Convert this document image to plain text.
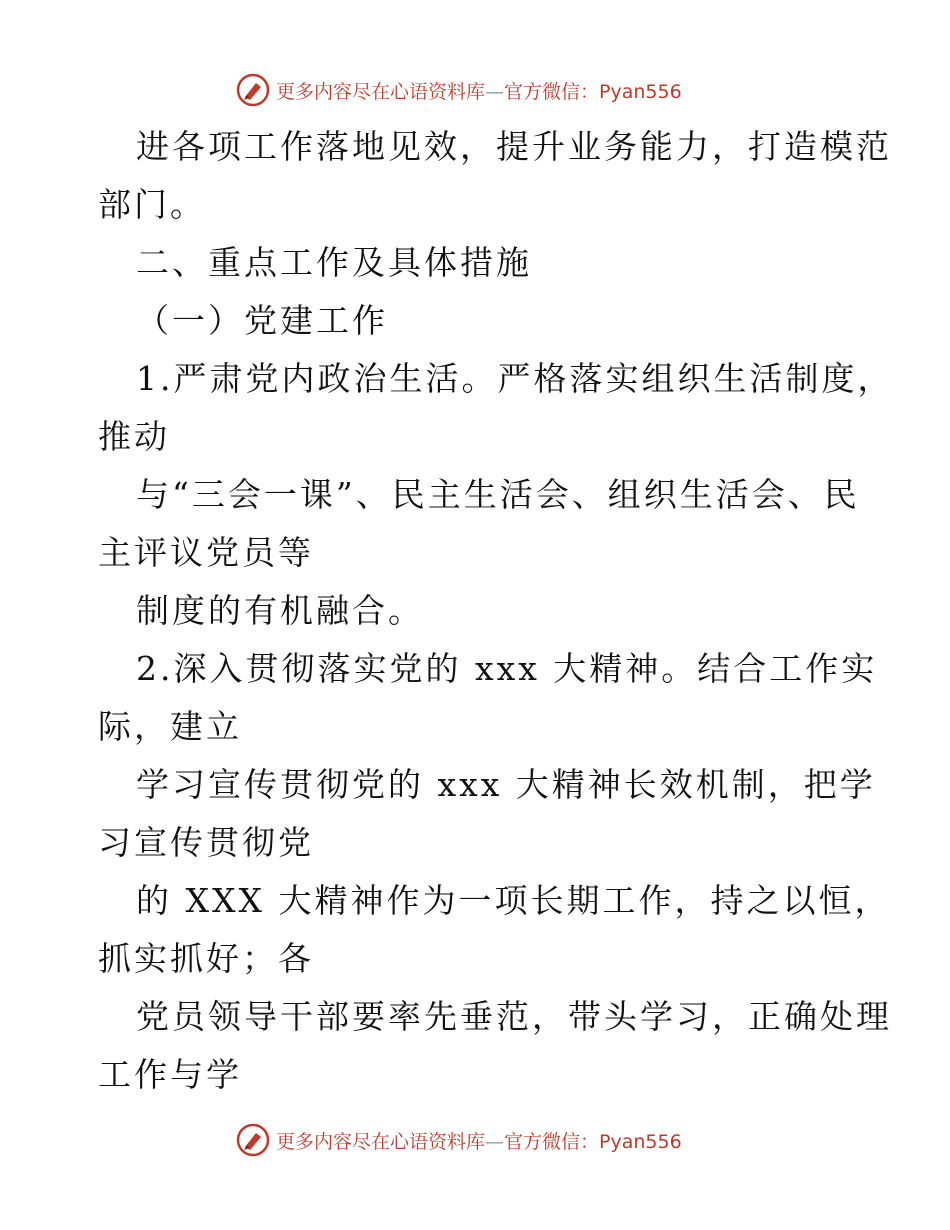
更多内容尽在心语资料库—官方微信：Pyan556
进各项工作落地见效，提升业务能力，打造模范
部门。
二、重点工作及具体措施
（一）党建工作
1.严肃党内政治生活。严格落实组织生活制度，
推动
与“三会一课”、民主生活会、组织生活会、民
主评议党员等
制度的有机融合。
2.深入贯彻落实党的 xxx 大精神。结合工作实
际，建立
学习宣传贯彻党的 xxx 大精神长效机制，把学
习宣传贯彻党
的 XXX 大精神作为一项长期工作，持之以恒，
抓实抓好；各
党员领导干部要率先垂范，带头学习，正确处理
工作与学
更多内容尽在心语资料库—官方微信：Pyan556
